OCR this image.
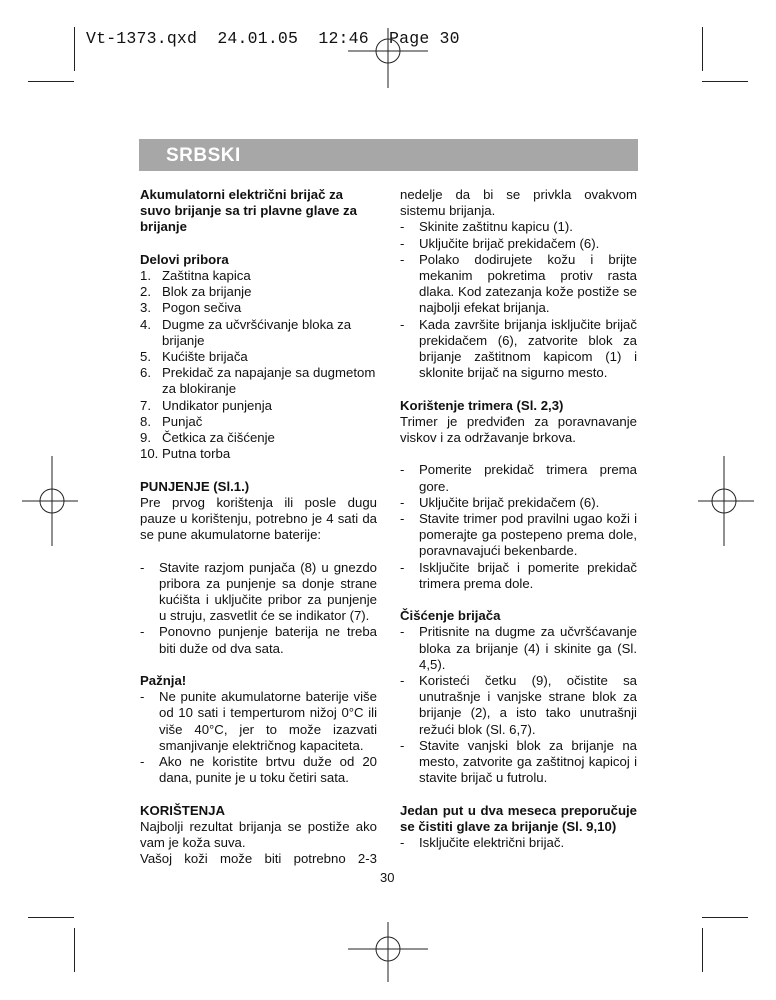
Vt-1373.qxd  24.01.05  12:46  Page 30
SRBSKI

Akumulatorni električni brijač za suvo brijanje sa tri plavne glave za brijanje

Delovi pribora

1. Zaštitna kapica

2. Blok za brijanje

3. Pogon sečiva

4. Dugme za učvršćivanje bloka za brijanje

5. Kućište brijača

6. Prekidač za napajanje sa dugmetom za blokiranje

7. Undikator punjenja

8. Punjač

9. Četkica za čišćenje

10. Putna torba

PUNJENJE (Sl.1.)

Pre prvog korištenja ili posle dugu pauze u korištenju, potrebno je 4 sati da se pune akumulatorne baterije:

- Stavite razjom punjača (8) u gnezdo pribora za punjenje sa donje strane kućišta i uključite pribor za punjenje u struju, zasvetlit će se indikator (7).

- Ponovno punjenje baterija ne treba biti duže od dva sata.

Pažnja!

- Ne punite akumulatorne baterije više od 10 sati i temperturom nižoj 0°C ili više 40°C, jer to može izazvati smanjivanje električnog kapaciteta.

- Ako ne koristite brtvu duže od 20 dana, punite je u toku četiri sata.

KORIŠTENJA

Najbolji rezultat brijanja se postiže ako vam je koža suva.

Vašoj koži može biti potrebno 2-3

nedelje da bi se privkla ovakvom sistemu brijanja.

- Skinite zaštitnu kapicu (1).

- Uključite brijač prekidačem (6).

- Polako dodirujete kožu i brijte mekanim pokretima protiv rasta dlaka. Kod zatezanja kože postiže se najbolji efekat brijanja.

- Kada završite brijanja isključite brijač prekidačem (6), zatvorite blok za brijanje zaštitnom kapicom (1) i sklonite brijač na sigurno mesto.

Korištenje trimera (Sl. 2,3)

Trimer je predviđen za poravnavanje viskov i za održavanje brkova.

- Pomerite prekidač trimera prema gore.

- Uključite brijač prekidačem (6).

- Stavite trimer pod pravilni ugao koži i pomerajte ga postepeno prema dole, poravnavajući bekenbarde.

- Isključite brijač i pomerite prekidač trimera prema dole.

Čišćenje brijača

- Pritisnite na dugme za učvršćavanje bloka za brijanje (4) i skinite ga (Sl. 4,5).

- Koristeći četku (9), očistite sa unutrašnje i vanjske strane blok za brijanje (2), a isto tako unutrašnji režući blok (Sl. 6,7).

- Stavite vanjski blok za brijanje na mesto, zatvorite ga zaštitnoj kapicoj i stavite brijač u futrolu.

Jedan put u dva meseca preporučuje se čistiti glave za brijanje (Sl. 9,10)

- Isključite električni brijač.

30
